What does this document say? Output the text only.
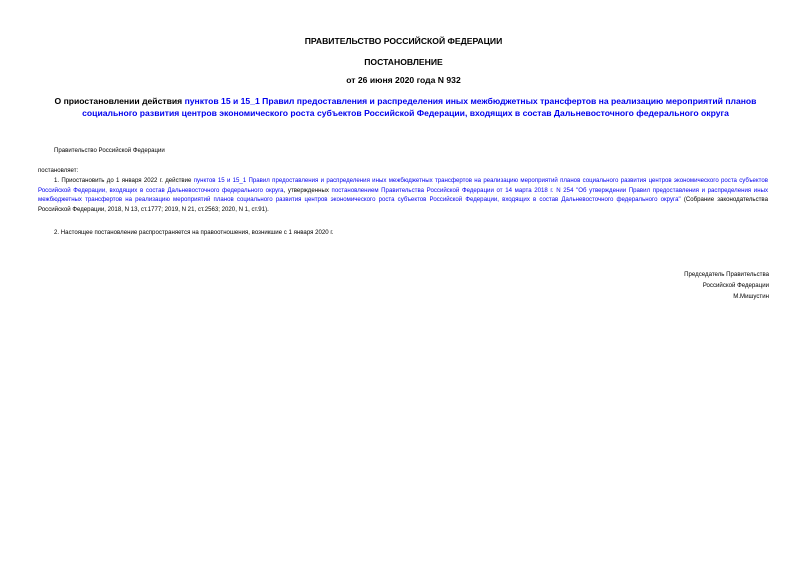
ПРАВИТЕЛЬСТВО РОССИЙСКОЙ ФЕДЕРАЦИИ
ПОСТАНОВЛЕНИЕ
от 26 июня 2020 года N 932
О приостановлении действия пунктов 15 и 15_1 Правил предоставления и распределения иных межбюджетных трансфертов на реализацию мероприятий планов социального развития центров экономического роста субъектов Российской Федерации, входящих в состав Дальневосточного федерального округа
Правительство Российской Федерации
постановляет:
1. Приостановить до 1 января 2022 г. действие пунктов 15 и 15_1 Правил предоставления и распределения иных межбюджетных трансфертов на реализацию мероприятий планов социального развития центров экономического роста субъектов Российской Федерации, входящих в состав Дальневосточного федерального округа, утвержденных постановлением Правительства Российской Федерации от 14 марта 2018 г. N 254 "Об утверждении Правил предоставления и распределения иных межбюджетных трансфертов на реализацию мероприятий планов социального развития центров экономического роста субъектов Российской Федерации, входящих в состав Дальневосточного федерального округа" (Собрание законодательства Российской Федерации, 2018, N 13, ст.1777; 2019, N 21, ст.2563; 2020, N 1, ст.91).
2. Настоящее постановление распространяется на правоотношения, возникшие с 1 января 2020 г.
Председатель Правительства
Российской Федерации
М.Мишустин
